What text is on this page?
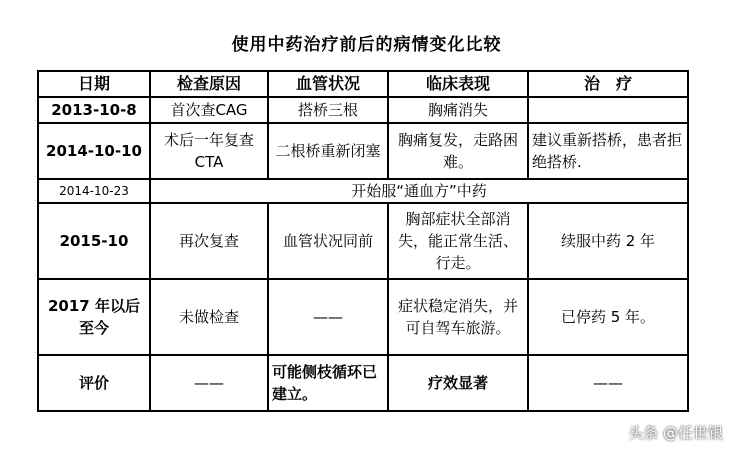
使用中药治疗前后的病情变化比较
日期	检查原因	血管状况	临床表现	治　疗
2013-10-8	首次查CAG	搭桥三根	胸痛消失	
2014-10-10	术后一年复查CTA	二根桥重新闭塞	胸痛复发，走路困难。	建议重新搭桥，患者拒绝搭桥.
2014-10-23	开始服“通血方”中药			
2015-10	再次复查	血管状况同前	胸部症状全部消失，能正常生活、行走。	续服中药 2 年
2017 年以后至今	未做检查	——	症状稳定消失，并可自驾车旅游。	已停药 5 年。
评价	——	可能侧枝循环已建立。	疗效显著	——
头条 @任世银
